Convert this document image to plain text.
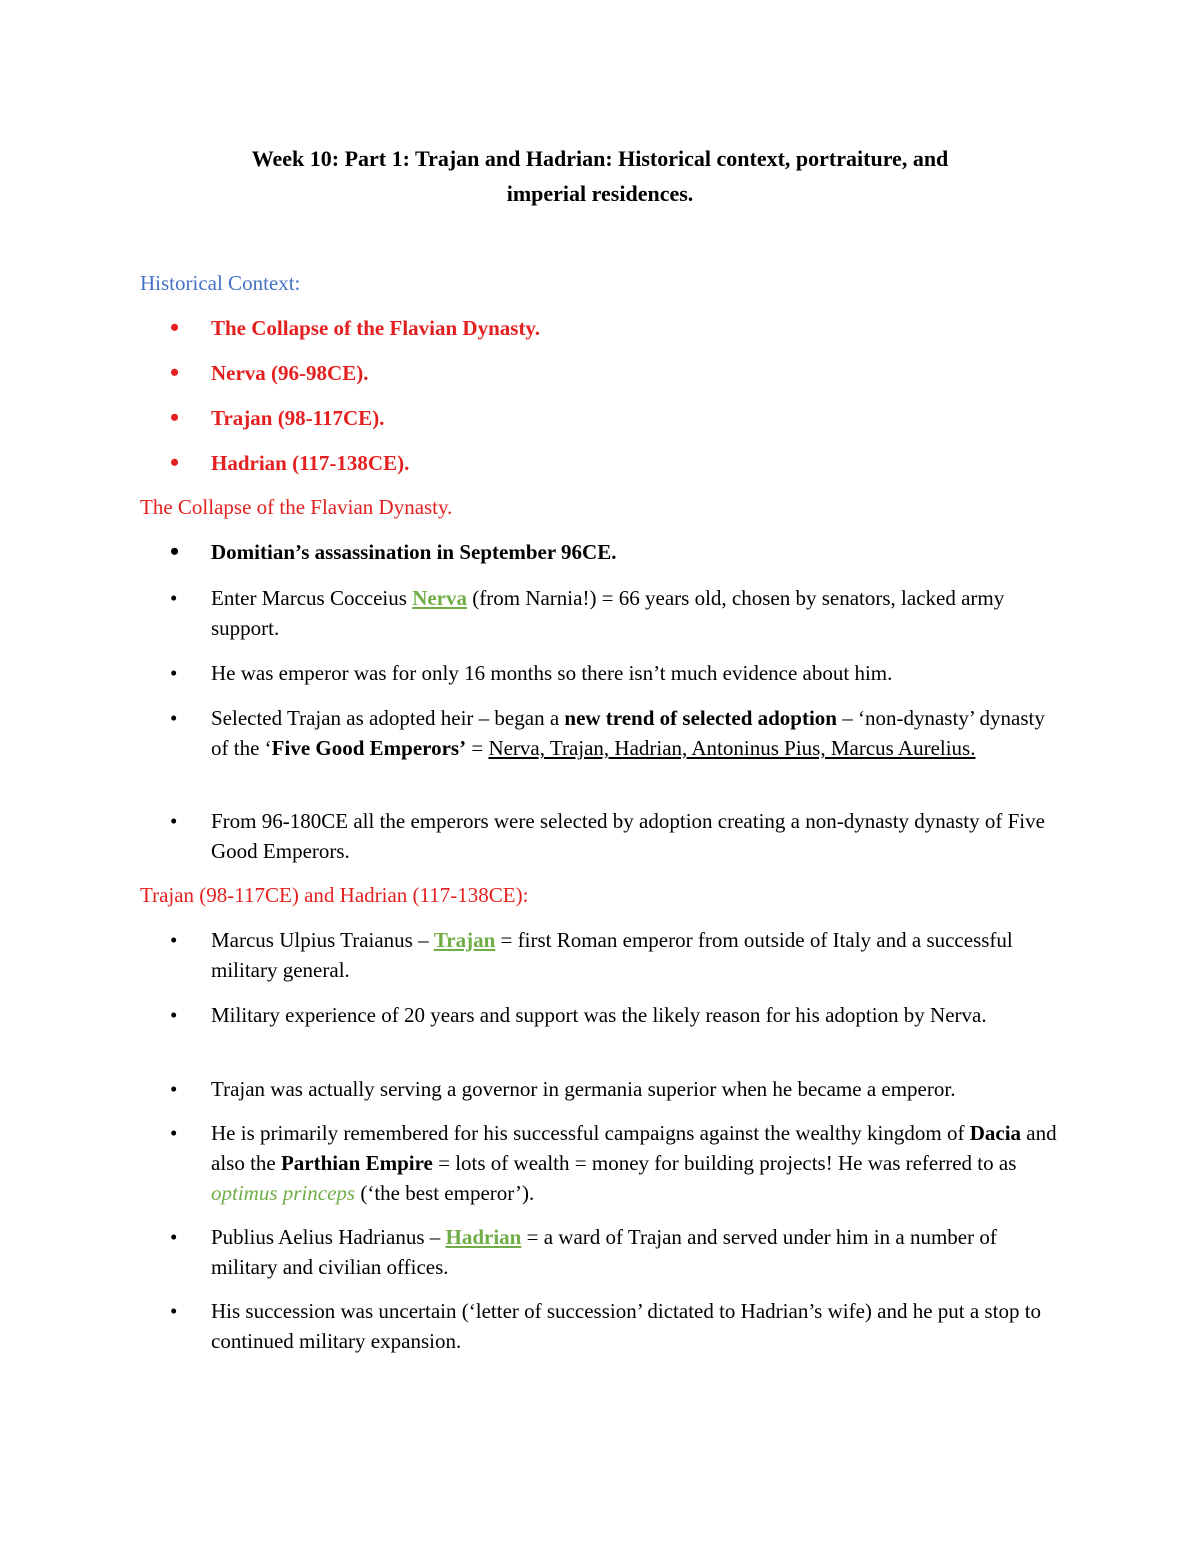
Week 10: Part 1: Trajan and Hadrian: Historical context, portraiture, and
imperial residences.
Historical Context:
•	The Collapse of the Flavian Dynasty.
•	Nerva (96-98CE).
•	Trajan (98-117CE).
•	Hadrian (117-138CE).
The Collapse of the Flavian Dynasty.
•	Domitian’s assassination in September 96CE.
•	Enter Marcus Cocceius Nerva (from Narnia!) = 66 years old, chosen by senators, lacked army support.
•	He was emperor was for only 16 months so there isn’t much evidence about him.
•	Selected Trajan as adopted heir – began a new trend of selected adoption – ‘non-dynasty’ dynasty of the ‘Five Good Emperors’ = Nerva, Trajan, Hadrian, Antoninus Pius, Marcus Aurelius.
•	From 96-180CE all the emperors were selected by adoption creating a non-dynasty dynasty of Five Good Emperors.
Trajan (98-117CE) and Hadrian (117-138CE):
•	Marcus Ulpius Traianus – Trajan = first Roman emperor from outside of Italy and a successful military general.
•	Military experience of 20 years and support was the likely reason for his adoption by Nerva.
•	Trajan was actually serving a governor in germania superior when he became a emperor.
•	He is primarily remembered for his successful campaigns against the wealthy kingdom of Dacia and also the Parthian Empire = lots of wealth = money for building projects! He was referred to as optimus princeps (‘the best emperor’).
•	Publius Aelius Hadrianus – Hadrian = a ward of Trajan and served under him in a number of military and civilian offices.
•	His succession was uncertain (‘letter of succession’ dictated to Hadrian’s wife) and he put a stop to continued military expansion.
